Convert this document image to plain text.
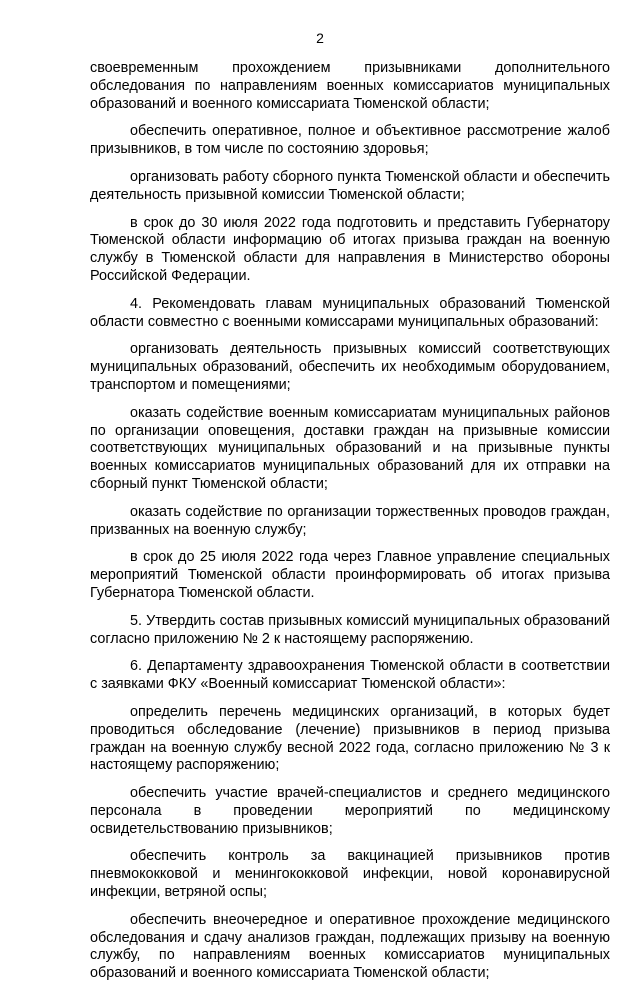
2

своевременным прохождением призывниками дополнительного обследования по направлениям военных комиссариатов муниципальных образований и военного комиссариата Тюменской области;

обеспечить оперативное, полное и объективное рассмотрение жалоб призывников, в том числе по состоянию здоровья;

организовать работу сборного пункта Тюменской области и обеспечить деятельность призывной комиссии Тюменской области;

в срок до 30 июля 2022 года подготовить и представить Губернатору Тюменской области информацию об итогах призыва граждан на военную службу в Тюменской области для направления в Министерство обороны Российской Федерации.

4. Рекомендовать главам муниципальных образований Тюменской области совместно с военными комиссарами муниципальных образований:

организовать деятельность призывных комиссий соответствующих муниципальных образований, обеспечить их необходимым оборудованием, транспортом и помещениями;

оказать содействие военным комиссариатам муниципальных районов по организации оповещения, доставки граждан на призывные комиссии соответствующих муниципальных образований и на призывные пункты военных комиссариатов муниципальных образований для их отправки на сборный пункт Тюменской области;

оказать содействие по организации торжественных проводов граждан, призванных на военную службу;

в срок до 25 июля 2022 года через Главное управление специальных мероприятий Тюменской области проинформировать об итогах призыва Губернатора Тюменской области.

5. Утвердить состав призывных комиссий муниципальных образований согласно приложению № 2 к настоящему распоряжению.

6. Департаменту здравоохранения Тюменской области в соответствии с заявками ФКУ «Военный комиссариат Тюменской области»:

определить перечень медицинских организаций, в которых будет проводиться обследование (лечение) призывников в период призыва граждан на военную службу весной 2022 года, согласно приложению № 3 к настоящему распоряжению;

обеспечить участие врачей-специалистов и среднего медицинского персонала в проведении мероприятий по медицинскому освидетельствованию призывников;

обеспечить контроль за вакцинацией призывников против пневмококковой и менингококковой инфекции, новой коронавирусной инфекции, ветряной оспы;

обеспечить внеочередное и оперативное прохождение медицинского обследования и сдачу анализов граждан, подлежащих призыву на военную службу, по направлениям военных комиссариатов муниципальных образований и военного комиссариата Тюменской области;
